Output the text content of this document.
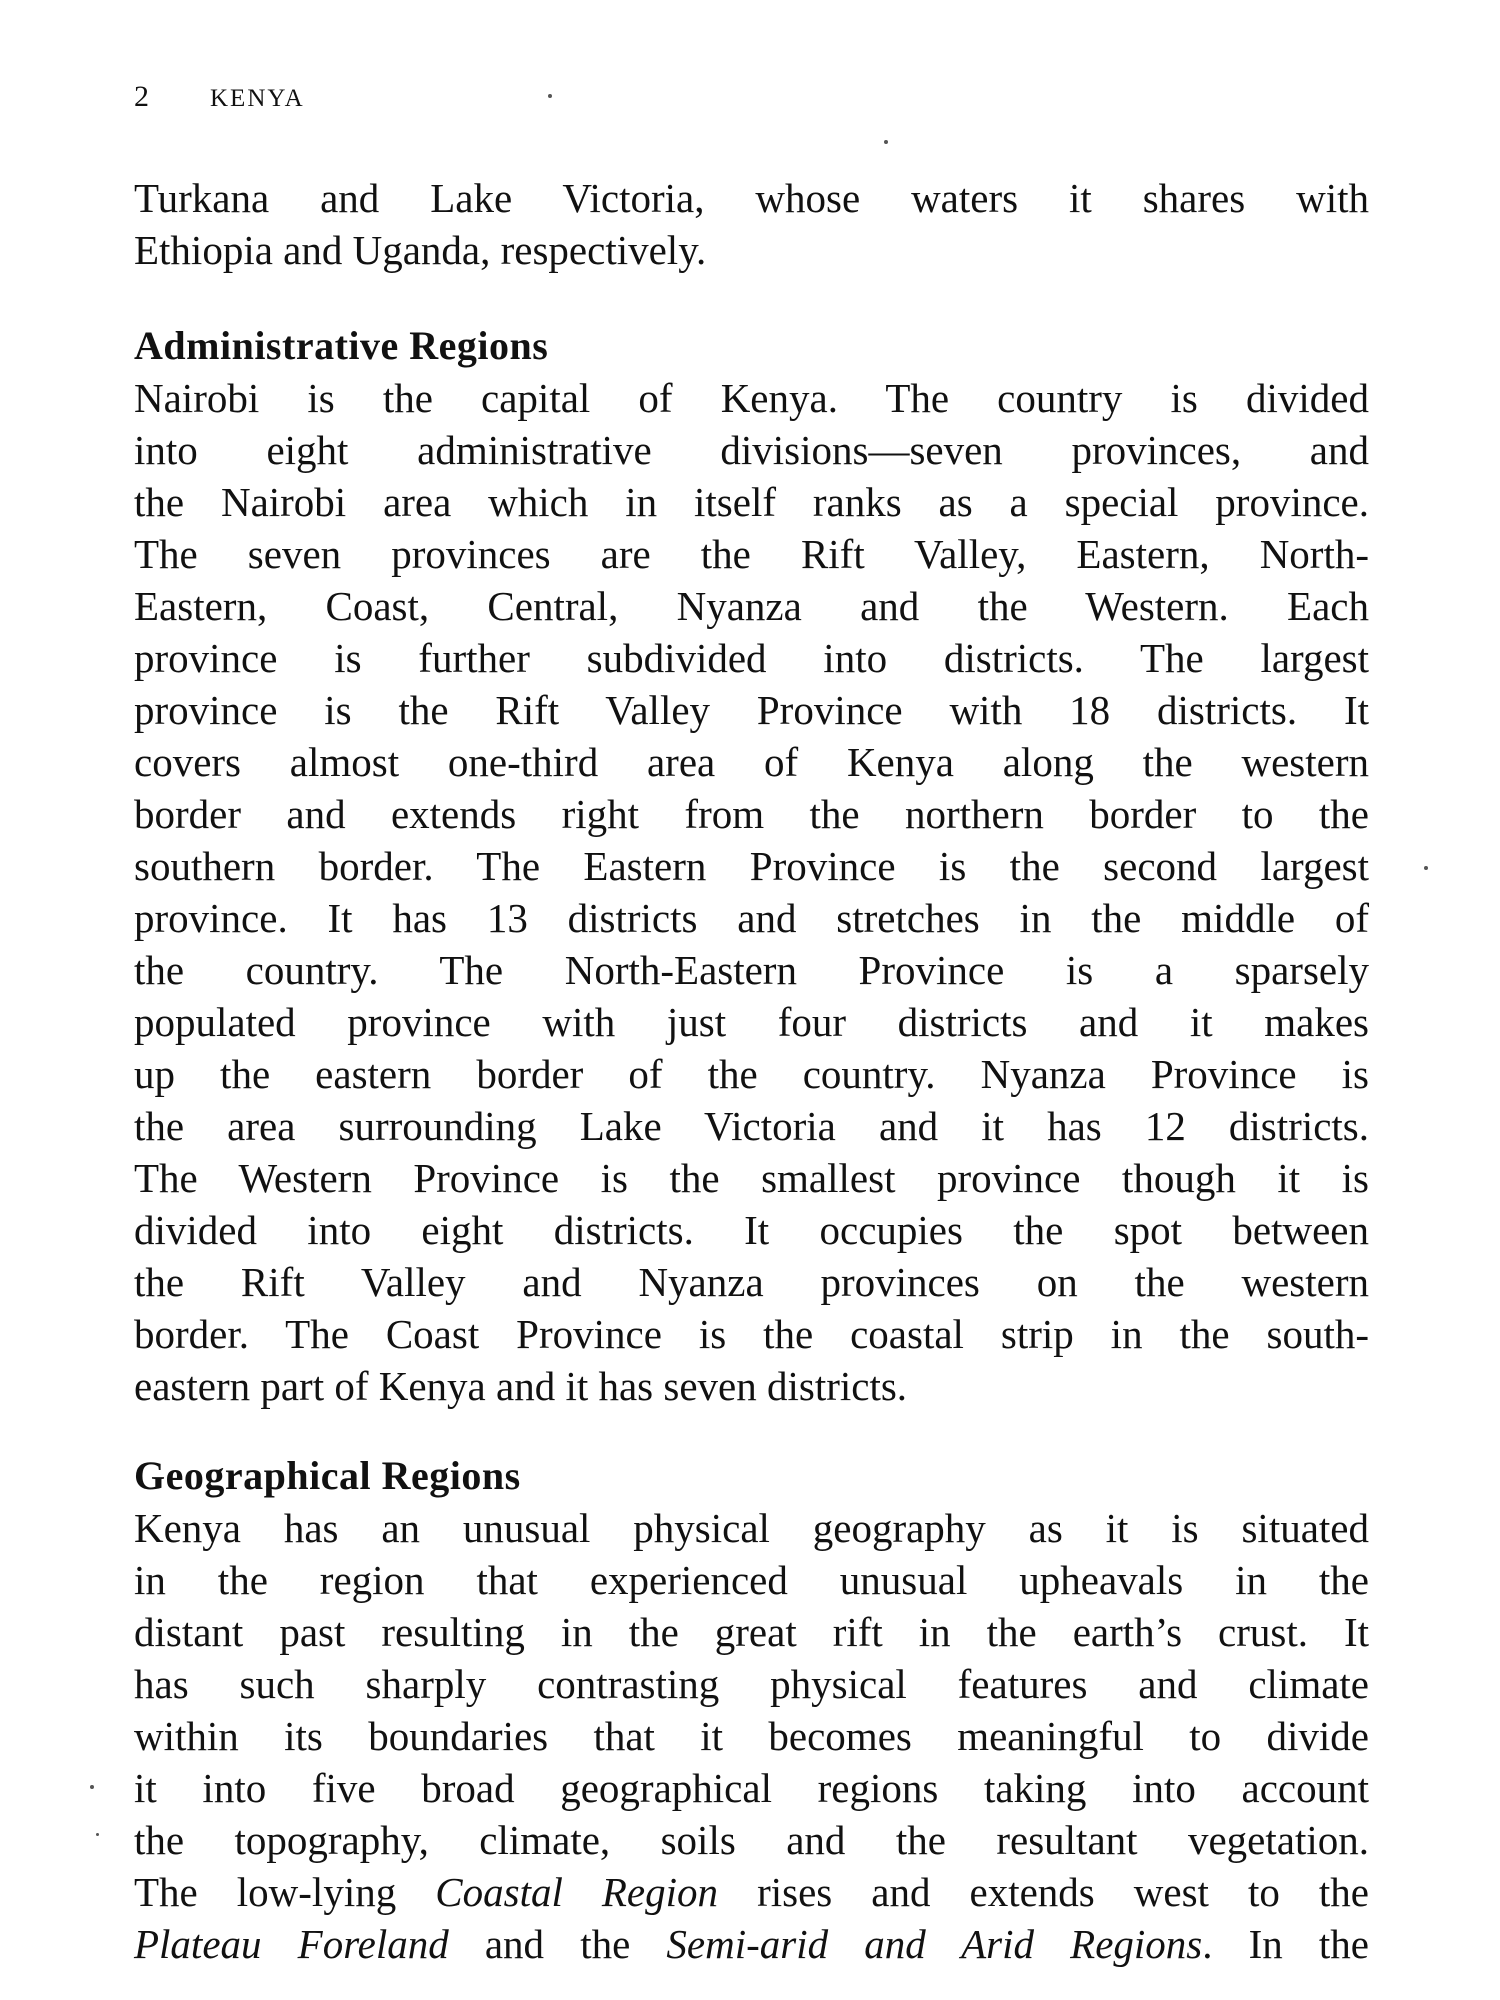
2 KENYA
Turkana and Lake Victoria, whose waters it shares with
Ethiopia and Uganda, respectively.
Administrative Regions
Nairobi is the capital of Kenya. The country is divided
into eight administrative divisions—seven provinces, and
the Nairobi area which in itself ranks as a special province.
The seven provinces are the Rift Valley, Eastern, North-
Eastern, Coast, Central, Nyanza and the Western. Each
province is further subdivided into districts. The largest
province is the Rift Valley Province with 18 districts. It
covers almost one-third area of Kenya along the western
border and extends right from the northern border to the
southern border. The Eastern Province is the second largest
province. It has 13 districts and stretches in the middle of
the country. The North-Eastern Province is a sparsely
populated province with just four districts and it makes
up the eastern border of the country. Nyanza Province is
the area surrounding Lake Victoria and it has 12 districts.
The Western Province is the smallest province though it is
divided into eight districts. It occupies the spot between
the Rift Valley and Nyanza provinces on the western
border. The Coast Province is the coastal strip in the south-
eastern part of Kenya and it has seven districts.
Geographical Regions
Kenya has an unusual physical geography as it is situated
in the region that experienced unusual upheavals in the
distant past resulting in the great rift in the earth’s crust. It
has such sharply contrasting physical features and climate
within its boundaries that it becomes meaningful to divide
it into five broad geographical regions taking into account
the topography, climate, soils and the resultant vegetation.
The low-lying Coastal Region rises and extends west to the
Plateau Foreland and the Semi-arid and Arid Regions. In the
